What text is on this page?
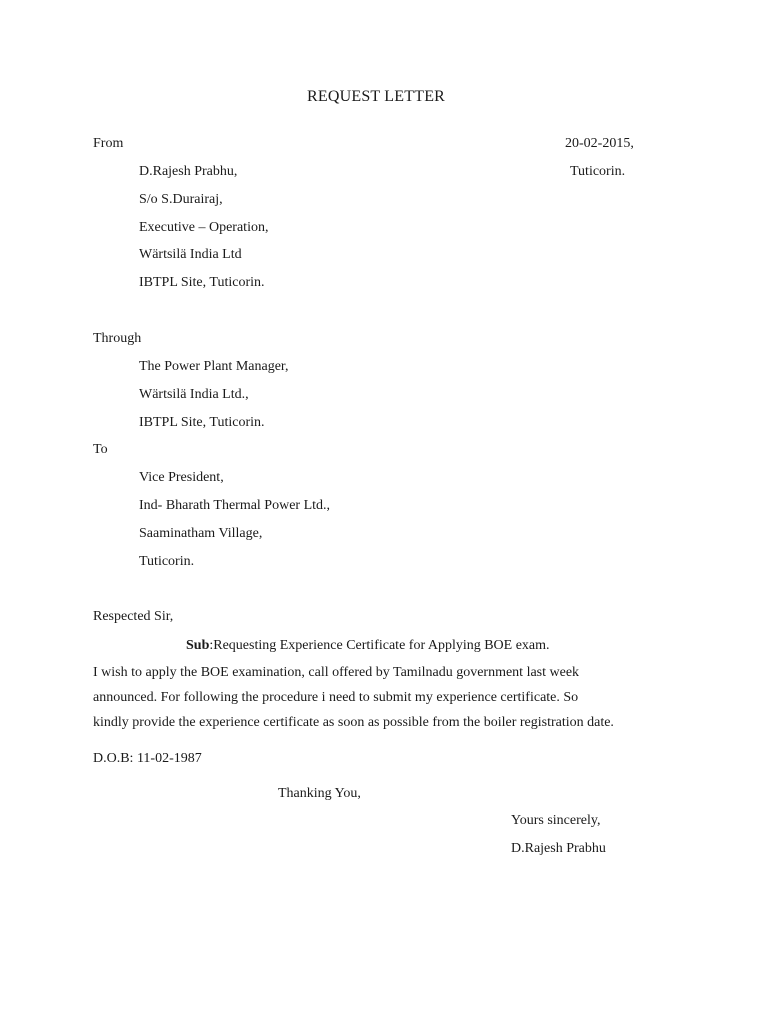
REQUEST LETTER
From	20-02-2015,
D.Rajesh Prabhu,	Tuticorin.
S/o S.Durairaj,
Executive – Operation,
Wärtsilä India Ltd
IBTPL Site, Tuticorin.
Through
The Power Plant Manager,
Wärtsilä India Ltd.,
IBTPL Site, Tuticorin.
To
Vice President,
Ind- Bharath Thermal Power Ltd.,
Saaminatham Village,
Tuticorin.
Respected Sir,
Sub:Requesting Experience Certificate for Applying BOE exam.
I wish to apply the BOE examination, call offered by Tamilnadu government last week
announced. For following the procedure i need to submit my experience certificate. So
kindly provide the experience certificate as soon as possible from the boiler registration date.
D.O.B: 11-02-1987
Thanking You,
Yours sincerely,
D.Rajesh Prabhu
